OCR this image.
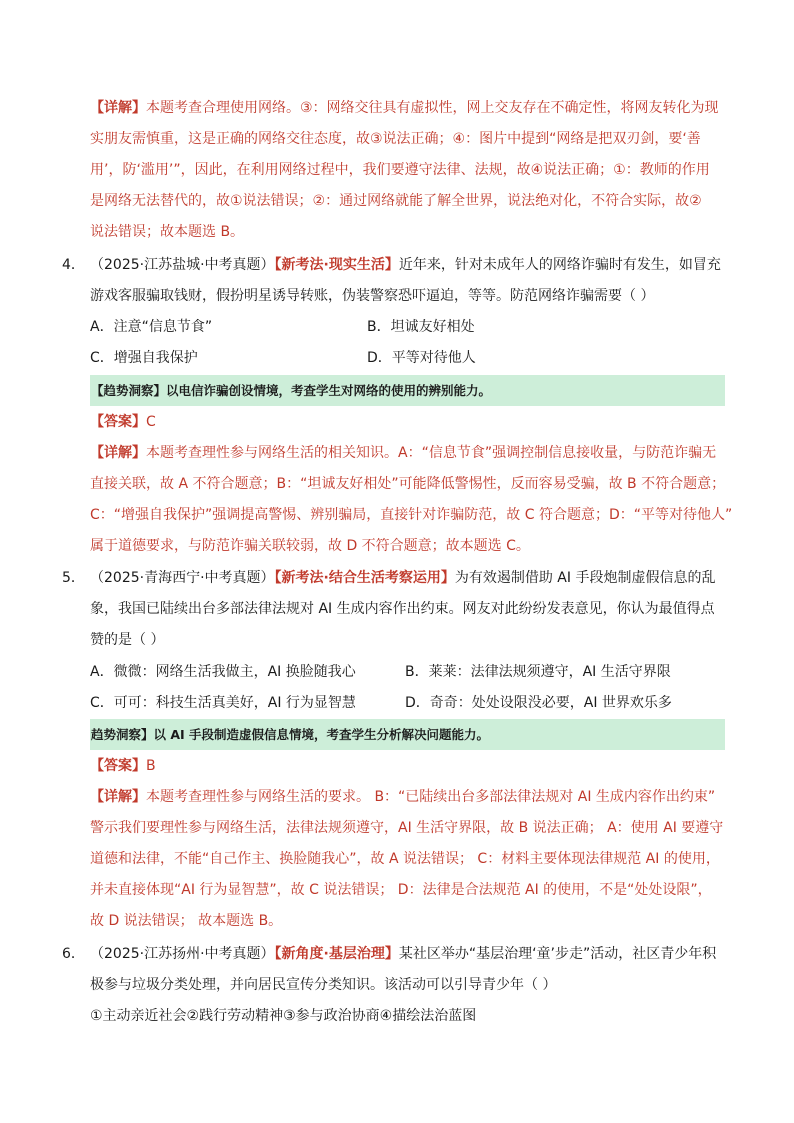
【详解】本题考查合理使用网络。③：网络交往具有虚拟性，网上交友存在不确定性，将网友转化为现
实朋友需慎重，这是正确的网络交往态度，故③说法正确；④：图片中提到“网络是把双刃剑，要‘善
用’，防‘滥用’”，因此，在利用网络过程中，我们要遵守法律、法规，故④说法正确；①：教师的作用
是网络无法替代的，故①说法错误；②：通过网络就能了解全世界，说法绝对化，不符合实际，故②
说法错误；故本题选 B。
4． （2025·江苏盐城·中考真题）【新考法·现实生活】近年来，针对未成年人的网络诈骗时有发生，如冒充
游戏客服骗取钱财，假扮明星诱导转账，伪装警察恐吓逼迫，等等。防范网络诈骗需要（ ）
A．注意“信息节食”	B．坦诚友好相处
C．增强自我保护	D．平等对待他人
【趋势洞察】以电信诈骗创设情境，考查学生对网络的使用的辨别能力。
【答案】C
【详解】本题考查理性参与网络生活的相关知识。A：“信息节食”强调控制信息接收量，与防范诈骗无
直接关联，故 A 不符合题意；B：“坦诚友好相处”可能降低警惕性，反而容易受骗，故 B 不符合题意；
C：“增强自我保护”强调提高警惕、辨别骗局，直接针对诈骗防范，故 C 符合题意；D：“平等对待他人”
属于道德要求，与防范诈骗关联较弱，故 D 不符合题意；故本题选 C。
5． （2025·青海西宁·中考真题）【新考法·结合生活考察运用】为有效遏制借助 AI 手段炮制虚假信息的乱
象，我国已陆续出台多部法律法规对 AI 生成内容作出约束。网友对此纷纷发表意见，你认为最值得点
赞的是（ ）
A．微微：网络生活我做主，AI 换脸随我心	B．莱莱：法律法规须遵守，AI 生活守界限
C．可可：科技生活真美好，AI 行为显智慧	D．奇奇：处处设限没必要，AI 世界欢乐多
趋势洞察】以 AI 手段制造虚假信息情境，考查学生分析解决问题能力。
【答案】B
【详解】本题考查理性参与网络生活的要求。 B：“已陆续出台多部法律法规对 AI 生成内容作出约束”
警示我们要理性参与网络生活，法律法规须遵守，AI 生活守界限，故 B 说法正确； A：使用 AI 要遵守
道德和法律，不能“自己作主、换脸随我心”，故 A 说法错误； C：材料主要体现法律规范 AI 的使用，
并未直接体现“AI 行为显智慧”，故 C 说法错误； D：法律是合法规范 AI 的使用，不是“处处设限”，
故 D 说法错误； 故本题选 B。
6． （2025·江苏扬州·中考真题）【新角度·基层治理】某社区举办“基层治理‘童’步走”活动，社区青少年积
极参与垃圾分类处理，并向居民宣传分类知识。该活动可以引导青少年（ ）
①主动亲近社会②践行劳动精神③参与政治协商④描绘法治蓝图
